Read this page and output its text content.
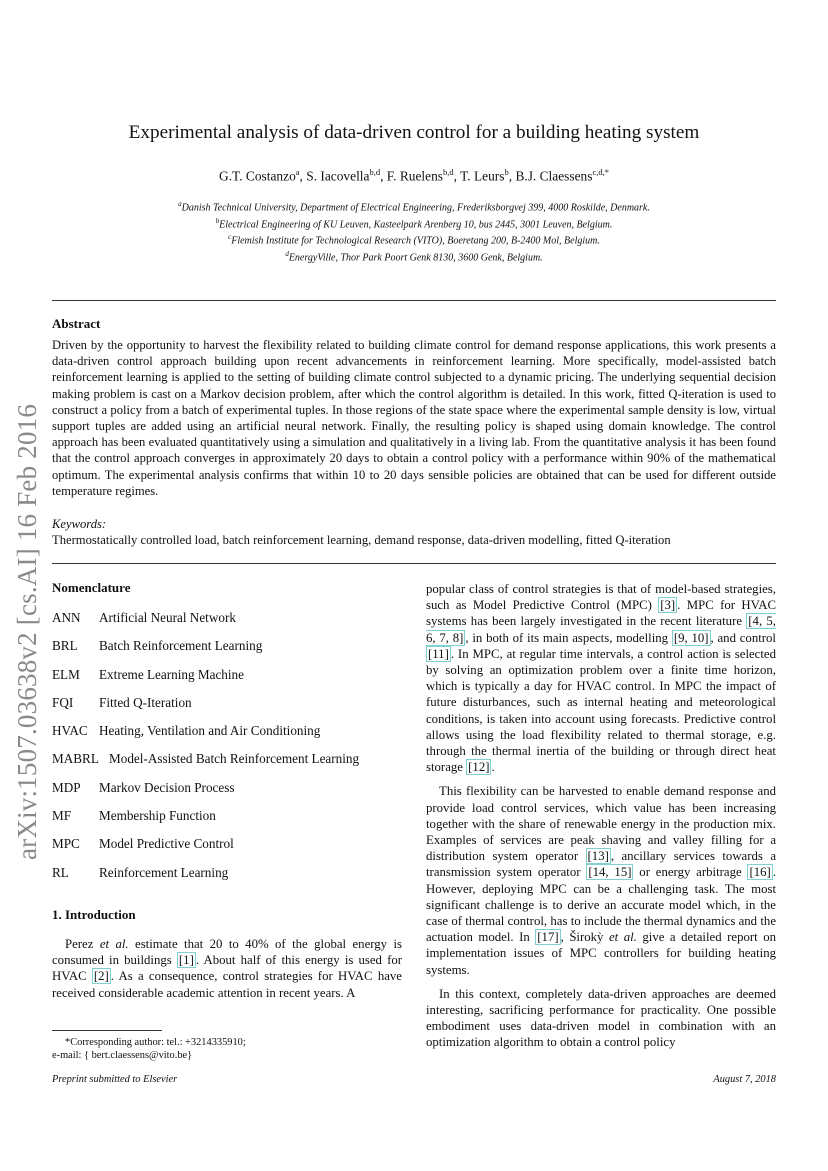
arXiv:1507.03638v2 [cs.AI] 16 Feb 2016
Experimental analysis of data-driven control for a building heating system
G.T. Costanzo$^a$, S. Iacovella$^{b,d}$, F. Ruelens$^{b,d}$, T. Leurs$^b$, B.J. Claessens$^{c,d,*}$
$^a$Danish Technical University, Department of Electrical Engineering, Frederiksborgvej 399, 4000 Roskilde, Denmark.
$^b$Electrical Engineering of KU Leuven, Kasteelpark Arenberg 10, bus 2445, 3001 Leuven, Belgium.
$^c$Flemish Institute for Technological Research (VITO), Boeretang 200, B-2400 Mol, Belgium.
$^d$EnergyVille, Thor Park Poort Genk 8130, 3600 Genk, Belgium.
Abstract
Driven by the opportunity to harvest the flexibility related to building climate control for demand response applications, this work presents a data-driven control approach building upon recent advancements in reinforcement learning. More specifically, model-assisted batch reinforcement learning is applied to the setting of building climate control subjected to a dynamic pricing. The underlying sequential decision making problem is cast on a Markov decision problem, after which the control algorithm is detailed. In this work, fitted Q-iteration is used to construct a policy from a batch of experimental tuples. In those regions of the state space where the experimental sample density is low, virtual support tuples are added using an artificial neural network. Finally, the resulting policy is shaped using domain knowledge. The control approach has been evaluated quantitatively using a simulation and qualitatively in a living lab. From the quantitative analysis it has been found that the control approach converges in approximately 20 days to obtain a control policy with a performance within 90% of the mathematical optimum. The experimental analysis confirms that within 10 to 20 days sensible policies are obtained that can be used for different outside temperature regimes.
Keywords:
Thermostatically controlled load, batch reinforcement learning, demand response, data-driven modelling, fitted Q-iteration
Nomenclature
ANN Artificial Neural Network
BRL Batch Reinforcement Learning
ELM Extreme Learning Machine
FQI Fitted Q-Iteration
HVAC Heating, Ventilation and Air Conditioning
MABRL Model-Assisted Batch Reinforcement Learning
MDP Markov Decision Process
MF Membership Function
MPC Model Predictive Control
RL Reinforcement Learning
1. Introduction
Perez et al. estimate that 20 to 40% of the global energy is consumed in buildings [1] . About half of this energy is used for HVAC [2] . As a consequence, control strategies for HVAC have received considerable academic attention in recent years. A
*Corresponding author: tel.: +3214335910;
e-mail: { bert.claessens@vito.be}

popular class of control strategies is that of model-based strategies, such as Model Predictive Control (MPC) [3] . MPC for HVAC systems has been largely investigated in the recent literature [4, 5, 6, 7, 8] , in both of its main aspects, modelling [9, 10] , and control [11] . In MPC, at regular time intervals, a control action is selected by solving an optimization problem over a finite time horizon, which is typically a day for HVAC control. In MPC the impact of future disturbances, such as internal heating and meteorological conditions, is taken into account using forecasts. Predictive control allows using the load flexibility related to thermal storage, e.g. through the thermal inertia of the building or through direct heat storage [12] .

This flexibility can be harvested to enable demand response and provide load control services, which value has been increasing together with the share of renewable energy in the production mix. Examples of services are peak shaving and valley filling for a distribution system operator [13] , ancillary services towards a transmission system operator [14, 15] or energy arbitrage [16] . However, deploying MPC can be a challenging task. The most significant challenge is to derive an accurate model which, in the case of thermal control, has to include the thermal dynamics and the actuation model. In [17] , Širokỳ et al. give a detailed report on implementation issues of MPC controllers for building heating systems.

In this context, completely data-driven approaches are deemed interesting, sacrificing performance for practicality. One possible embodiment uses data-driven model in combination with an optimization algorithm to obtain a control policy

Preprint submitted to Elsevier	August 7, 2018
